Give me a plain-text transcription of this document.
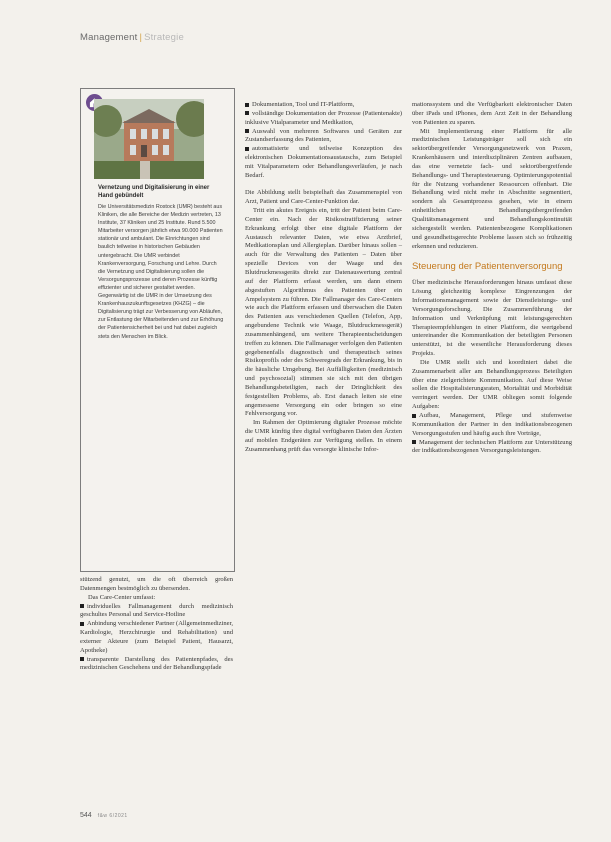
Management | Strategie
Vernetzung und Digitalisierung in einer Hand gebündelt

Die Universitätsmedizin Rostock (UMR) besteht aus Kliniken, die alle Bereiche der Medizin vertreten, 13 Institute, 37 Kliniken und 25 Institute. Rund 5.500 Mitarbeiter versorgen jährlich etwa 90.000 Patienten stationär und ambulant. Die Einrichtungen sind baulich teilweise in historischen Gebäuden untergebracht. Die UMR verbindet Krankenversorgung, Forschung und Lehre. Durch die Vernetzung und Digitalisierung sollen die Versorgungsprozesse und deren Prozesse künftig effizienter und sicherer gestaltet werden. Gegenwärtig ist die UMR in der Umsetzung des Krankenhauszukunftsgesetzes (KHZG) – die Digitalisierung trägt zur Verbesserung von Abläufen, zur Entlastung der Mitarbeitenden und zur Erhöhung der Patientensicherheit bei und hat dabei zugleich stets den Menschen im Blick.

stützend genutzt, um die oft überreich großen Datenmengen bestmöglich zu übersenden.

Das Care-Center umfasst:

individuelles Fallmanagement durch medizinisch geschultes Personal und Service-Hotline

Anbindung verschiedener Partner (Allgemeinmediziner, Kardiologie, Herzchirurgie und Rehabilitation) und externer Akteure (zum Beispiel Patient, Hausarzt, Apotheke)

transparente Darstellung des Patientenpfades, des medizinischen Geschehens und der Behandlungspfade

Dokumentation, Tool und IT-Plattform,

vollständige Dokumentation der Prozesse (Patientenakte) inklusive Vitalparameter und Medikation,

Auswahl von mehreren Softwares und Geräten zur Zustandserfassung des Patienten,

automatisierte und teilweise Konzeption des elektronischen Dokumentationsaustauschs, zum Beispiel mit Vitalparametern oder Behandlungsverläufen, je nach Bedarf.

Die Abbildung stellt beispielhaft das Zusammenspiel von Arzt, Patient und Care-Center-Funktion dar.

Tritt ein akutes Ereignis ein, tritt der Patient beim Care-Center ein. Nach der Risikostratifizierung seiner Erkrankung erfolgt über eine digitale Plattform der Austausch relevanter Daten, wie etwa Arztbrief, Medikationsplan und Allergieplan. Darüber hinaus sollen – auch für die Verwaltung des Patienten – Daten über spezielle Devices von der Waage und des Blutdruckmessgeräts direkt zur Datenauswertung zentral auf der Plattform erfasst werden, um dann einem abgestuften Algorithmus des Patienten über ein Ampelsystem zu führen. Die Fallmanager des Care-Centers wie auch die Plattform erfassen und überwachen die Daten des Patienten aus verschiedenen Quellen (Telefon, App, angebundene Technik wie Waage, Blutdruckmessgerät) zusammenhängend, um weitere Therapieentscheidungen treffen zu können. Die Fallmanager verfolgen den Patienten gegebenenfalls diagnostisch und therapeutisch seines Risikoprofils oder des Schweregrads der Erkrankung, bis in die häusliche Umgebung. Bei Auffälligkeiten (medizinisch und psychosozial) stimmen sie sich mit den übrigen Behandlungsbeteiligten, nach der Dringlichkeit des festgestellten Problems, ab. Erst danach leiten sie eine angemessene Versorgung ein oder bringen so eine Fehlversorgung vor.

Im Rahmen der Optimierung digitaler Prozesse möchte die UMR künftig ihre digital verfügbaren Daten den Ärzten auf mobilen Endgeräten zur Verfügung stellen. In einem Zusammenhang prüft das versorgte klinische Infor-

mationssystem und die Verfügbarkeit elektronischer Daten über iPads und iPhones, dem Arzt Zeit in der Behandlung von Patienten zu sparen.

Mit Implementierung einer Plattform für alle medizinischen Leistungsträger soll sich ein sektorübergreifender Versorgungsnetzwerk von Praxen, Krankenhäusern und interdisziplinären Zentren aufbauen, das eine vernetzte fach- und sektorübergreifende Behandlungs- und Therapiesteuerung. Optimierungspotential für die Nutzung vorhandener Ressourcen offenbart. Die Behandlung wird nicht mehr in Abschnitte segmentiert, sondern als Gesamtprozess gesehen, wie in einem einheitlichen Behandlungsübergreifenden Qualitätsmanagement und Behandlungskontinuität sichergestellt werden. Patientenbezogene Komplikationen und gesundheitsgerechte Probleme lassen sich so frühzeitig erkennen und reduzieren.

Steuerung der Patientenversorgung

Über medizinische Herausforderungen hinaus umfasst diese Lösung gleichzeitig komplexe Eingrenzungen der Informationsmanagement sowie der Dienstleistungs- und Versorgungsforschung. Die Zusammenführung der Information und Verknüpfung mit leistungsgerechten Therapieempfehlungen in einer Plattform, die wertgebend untereinander die Kommunikation der beteiligten Personen unterstützt, ist die wesentliche Herausforderung dieses Projekts.

Die UMR stellt sich und koordiniert dabei die Zusammenarbeit aller am Behandlungsprozess Beteiligten über eine zielgerichtete Kommunikation. Auf diese Weise sollen die Hospitalisierungsraten, Mortalität und Morbidität verringert werden. Der UMR obliegen somit folgende Aufgaben:

Aufbau, Management, Pflege und stufenweise Kommunikation der Partner in den indikationsbezogenen Versorgungsstufen und häufig auch ihre Vorträge,

Management der technischen Plattform zur Unterstützung der indikationsbezogenen Versorgungsleistungen.

544 f&w 6/2021
